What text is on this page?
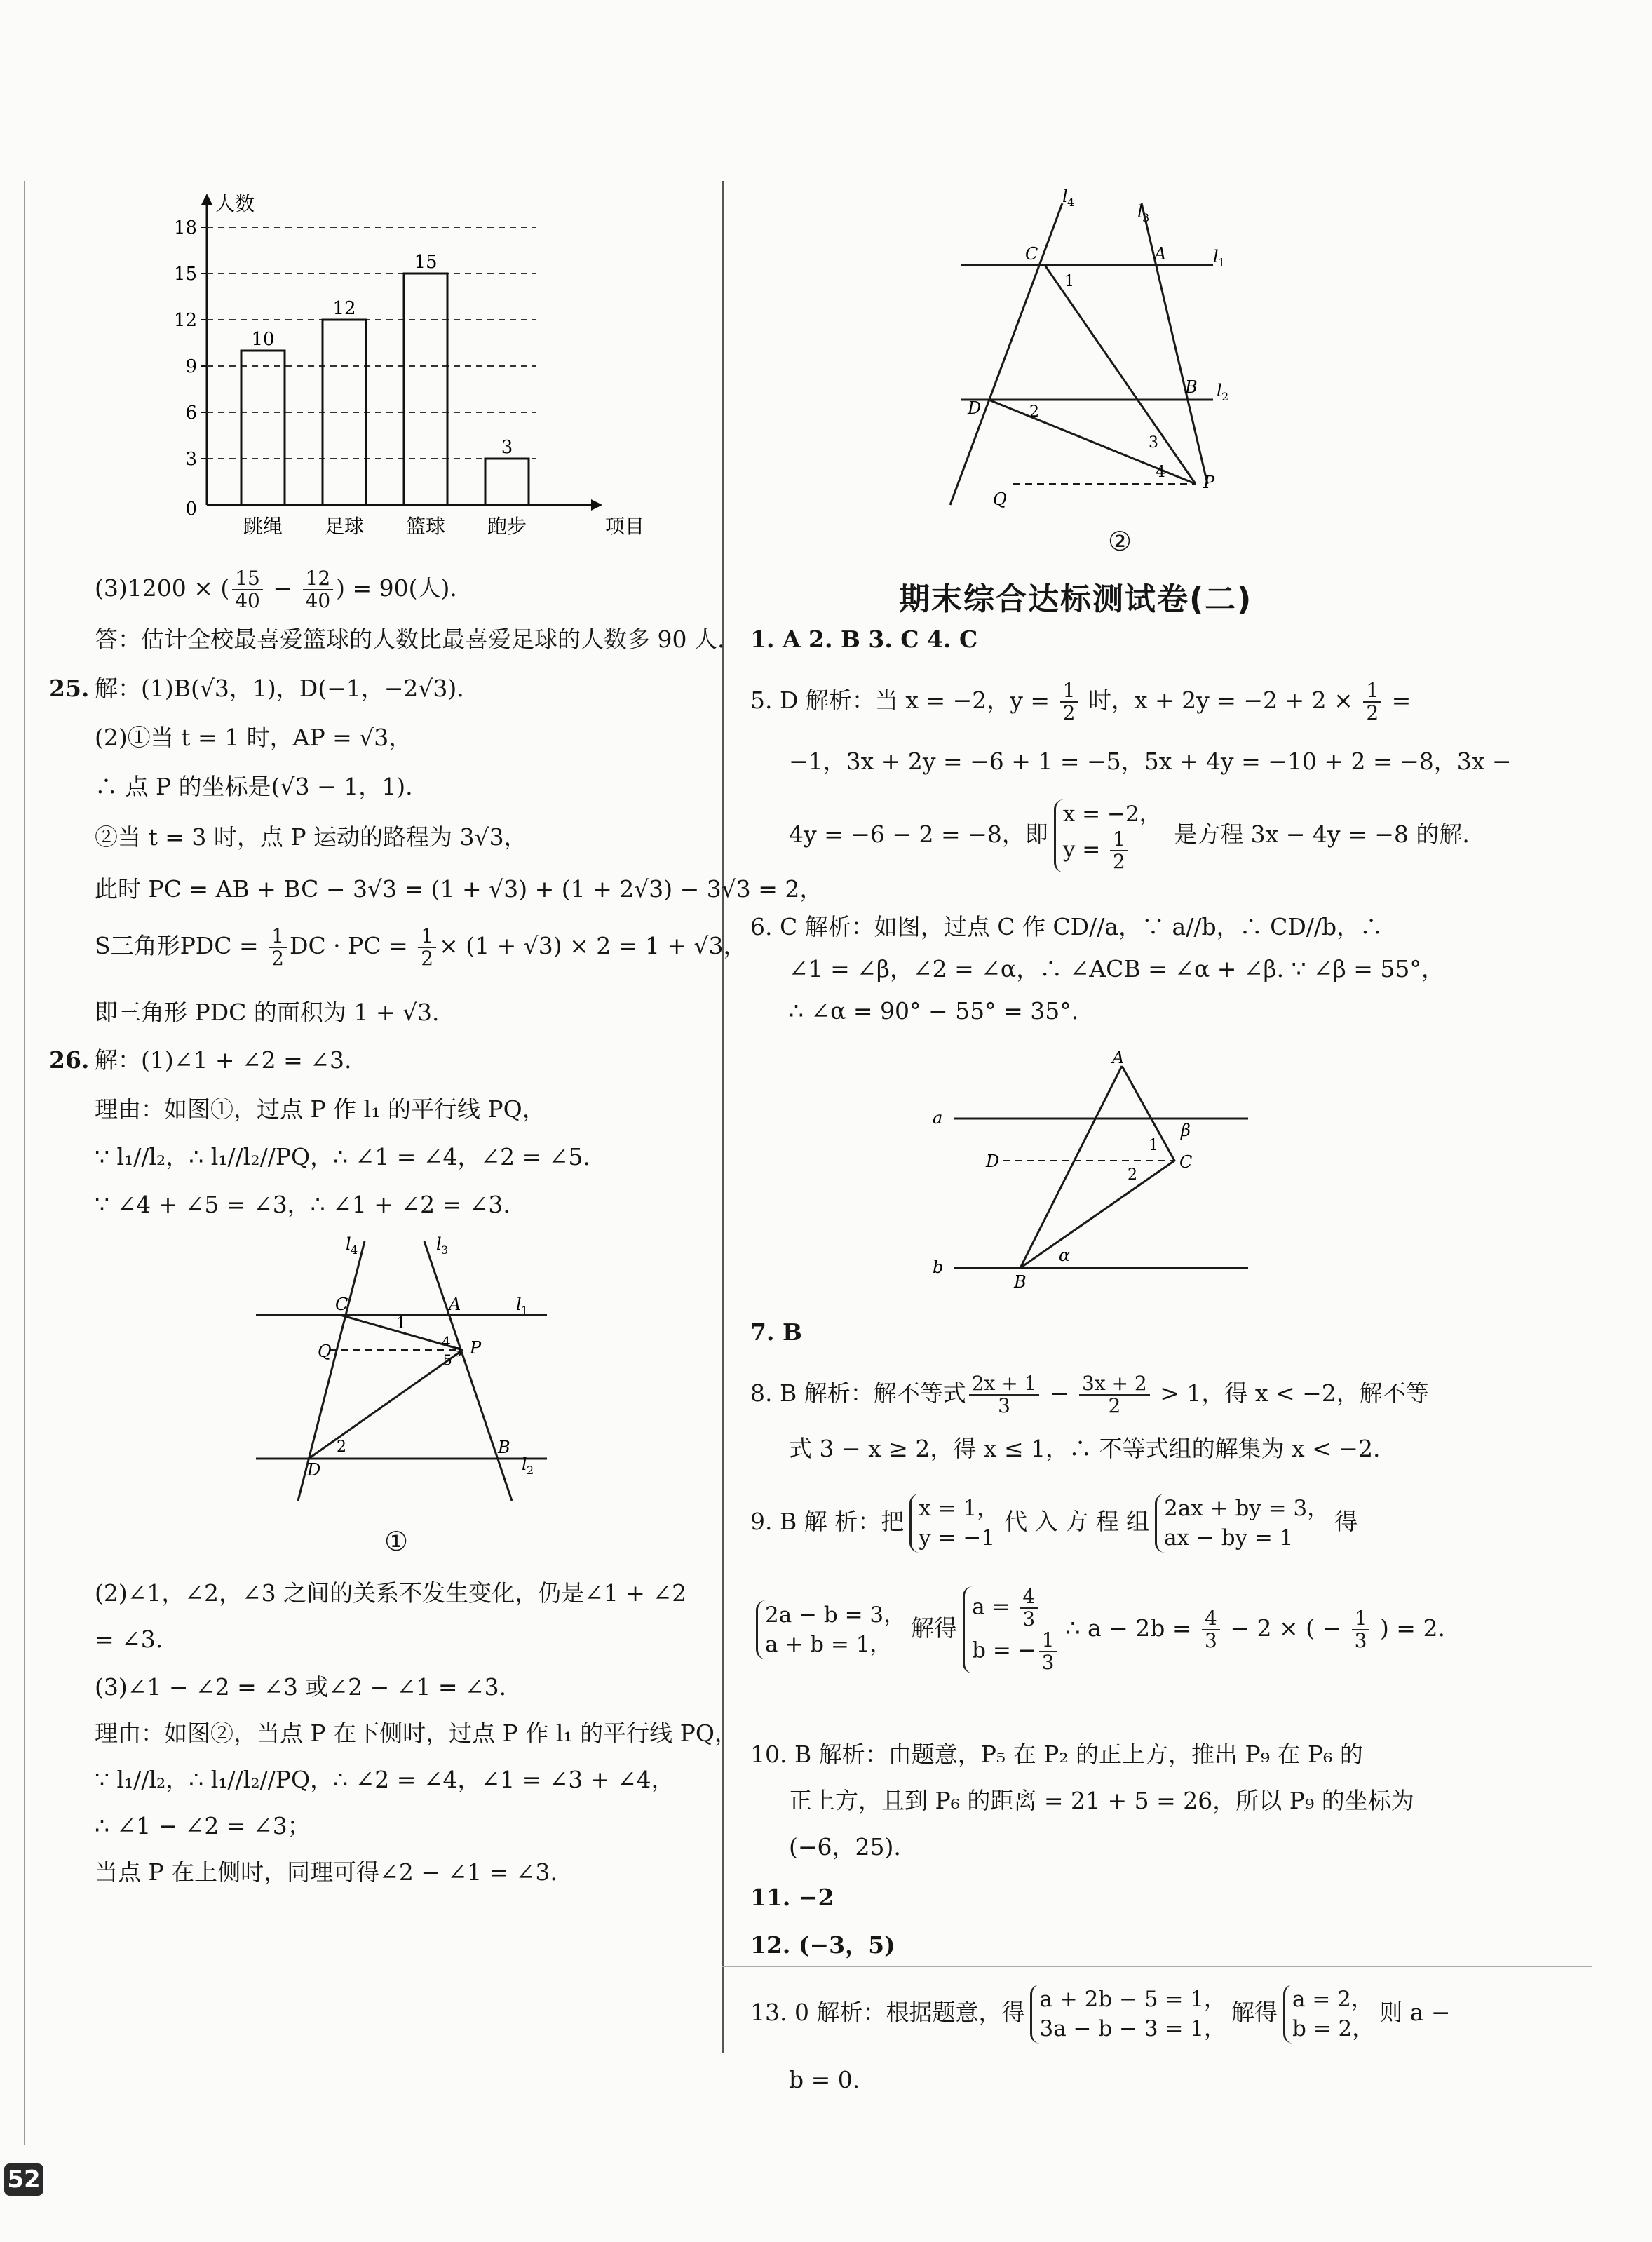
人数
项目
0
3
6
9
12
15
18
10
跳绳
12
足球
15
篮球
3
跑步
(3)1200 × ( $\frac{15}{40} - \frac{12}{40}$ ) = 90(人).
答：估计全校最喜爱篮球的人数比最喜爱足球的人数多 90 人.
25. 解：(1)B(√3，1)，D(−1，−2√3).
(2)①当 t = 1 时，AP = √3，
∴ 点 P 的坐标是(√3 − 1，1).
②当 t = 3 时，点 P 运动的路程为 3√3，
此时 PC = AB + BC − 3√3 = (1 + √3) + (1 + 2√3) − 3√3 = 2，
S三角形PDC = $\frac{1}{2}$ DC · PC = $\frac{1}{2} \times (1 + √3) \times 2 = 1 + √3$，
即三角形 PDC 的面积为 1 + √3.
26. 解：(1)∠1 + ∠2 = ∠3.
理由：如图①，过点 P 作 l₁ 的平行线 PQ，
∵ l₁//l₂，∴ l₁//l₂//PQ，∴ ∠1 = ∠4，∠2 = ∠5.
∵ ∠4 + ∠5 = ∠3，∴ ∠1 + ∠2 = ∠3.
l 4	l 3
l 1
l 2
C	A
Q	P
D
B
1
2
4
5 3
①
(2)∠1，∠2，∠3 之间的关系不发生变化，仍是∠1 + ∠2
= ∠3.
(3)∠1 − ∠2 = ∠3 或∠2 − ∠1 = ∠3.
理由：如图②，当点 P 在下侧时，过点 P 作 l₁ 的平行线 PQ，
∵ l₁//l₂，∴ l₁//l₂//PQ，∴ ∠2 = ∠4，∠1 = ∠3 + ∠4，
∴ ∠1 − ∠2 = ∠3；
当点 P 在上侧时，同理可得∠2 − ∠1 = ∠3.
l 4	l 3
l 1
l 2
C	A
B
D
Q
P
1
2
3
4
②
期末综合达标测试卷(二)
1. A 2. B 3. C 4. C
5. D 解析：当 x = −2，$y = \frac{1}{2}$ 时，$x + 2y = -2 + 2 \times \frac{1}{2}$ =
−1，3x + 2y = −6 + 1 = −5，5x + 4y = −10 + 2 = −8，3x −
4y = −6 − 2 = −8，即
x = −2，
$y = \frac{1}{2}$ 是方程 3x − 4y = −8 的解.
6. C 解析：如图，过点 C 作 CD//a，∵ a//b，∴ CD//b，∴
∠1 = ∠β，∠2 = ∠α，∴ ∠ACB = ∠α + ∠β. ∵ ∠β = 55°，
∴ ∠α = 90° − 55° = 35°.
A
a
D	C
b
B
β
α
1
2
7. B
8. B 解析：解不等式 $\frac{2x + 1}{3} - \frac{3x + 2}{2} > 1$，得 x < −2，解不等
式 3 − x ≥ 2，得 x ≤ 1，∴ 不等式组的解集为 x < −2.
9. B 解 析：把 x = 1，
y = −1
代 入 方 程 组 2ax + by = 3，
ax − by = 1
得
2a − b = 3，
a + b = 1，
解得
$a = \frac{4}{3}$
b = − $\frac{1}{3}$
∴ $a - 2b = \frac{4}{3} - 2$ × ( − $\frac{1}{3}$ ) = 2.
10. B 解析：由题意，P₅ 在 P₂ 的正上方，推出 P₉ 在 P₆ 的
正上方，且到 P₆ 的距离 = 21 + 5 = 26，所以 P₉ 的坐标为
(−6，25).
11. −2
12. (−3，5)
13. 0 解析：根据题意，得 a + 2b − 5 = 1，
3a − b − 3 = 1，
解得 a = 2，
b = 2，
则 a −
b = 0.
52
